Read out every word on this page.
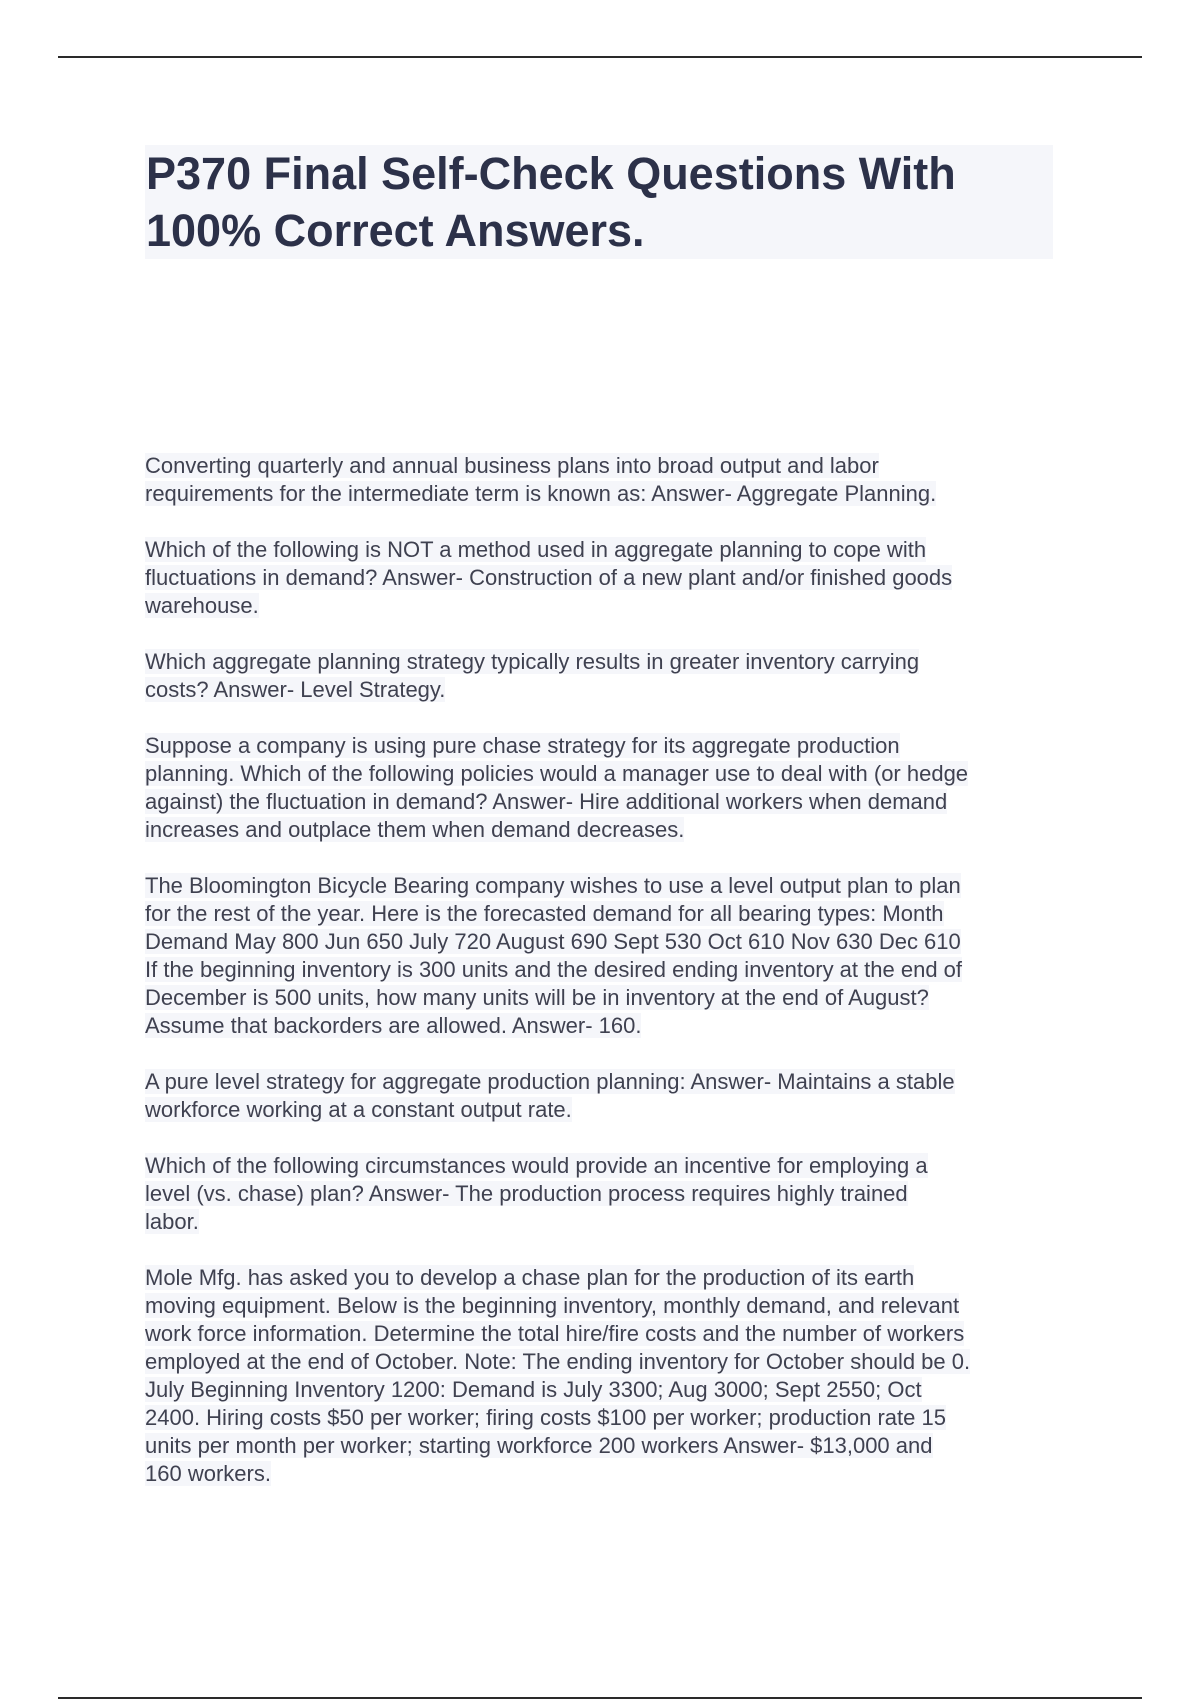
P370 Final Self-Check Questions With
100% Correct Answers.

Converting quarterly and annual business plans into broad output and labor
requirements for the intermediate term is known as: Answer- Aggregate Planning.

Which of the following is NOT a method used in aggregate planning to cope with
fluctuations in demand? Answer- Construction of a new plant and/or finished goods
warehouse.

Which aggregate planning strategy typically results in greater inventory carrying
costs? Answer- Level Strategy.

Suppose a company is using pure chase strategy for its aggregate production
planning. Which of the following policies would a manager use to deal with (or hedge
against) the fluctuation in demand? Answer- Hire additional workers when demand
increases and outplace them when demand decreases.

The Bloomington Bicycle Bearing company wishes to use a level output plan to plan
for the rest of the year. Here is the forecasted demand for all bearing types: Month
Demand May 800 Jun 650 July 720 August 690 Sept 530 Oct 610 Nov 630 Dec 610
If the beginning inventory is 300 units and the desired ending inventory at the end of
December is 500 units, how many units will be in inventory at the end of August?
Assume that backorders are allowed. Answer- 160.

A pure level strategy for aggregate production planning: Answer- Maintains a stable
workforce working at a constant output rate.

Which of the following circumstances would provide an incentive for employing a
level (vs. chase) plan? Answer- The production process requires highly trained
labor.

Mole Mfg. has asked you to develop a chase plan for the production of its earth
moving equipment. Below is the beginning inventory, monthly demand, and relevant
work force information. Determine the total hire/fire costs and the number of workers
employed at the end of October. Note: The ending inventory for October should be 0.
July Beginning Inventory 1200: Demand is July 3300; Aug 3000; Sept 2550; Oct
2400. Hiring costs $50 per worker; firing costs $100 per worker; production rate 15
units per month per worker; starting workforce 200 workers Answer- $13,000 and
160 workers.
